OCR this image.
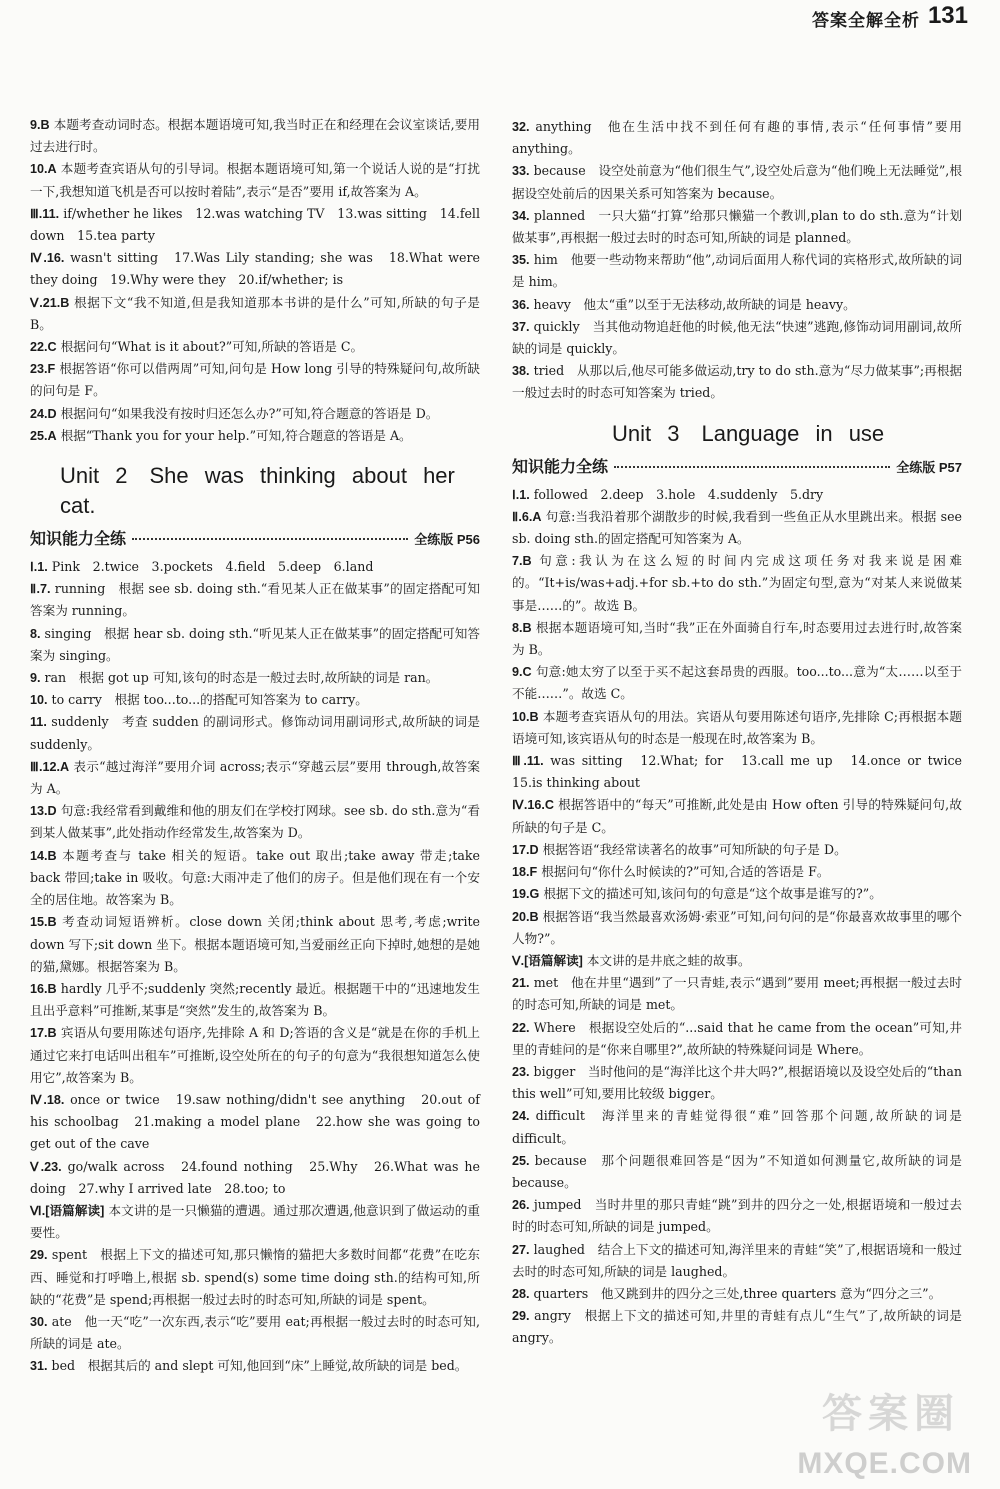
答案全解全析 131

9.B 本题考查动词时态。根据本题语境可知,我当时正在和经理在会议室谈话,要用过去进行时。

10.A 本题考查宾语从句的引导词。根据本题语境可知,第一个说话人说的是“打扰一下,我想知道飞机是否可以按时着陆”,表示“是否”要用 if,故答案为 A。

Ⅲ.11. if/whether he likes　12.was watching TV　13.was sitting　14.fell down　15.tea party

Ⅳ.16. wasn't sitting　17.Was Lily standing; she was　18.What were they doing　19.Why were they　20.if/whether; is

Ⅴ.21.B 根据下文“我不知道,但是我知道那本书讲的是什么”可知,所缺的句子是 B。

22.C 根据问句“What is it about?”可知,所缺的答语是 C。

23.F 根据答语“你可以借两周”可知,问句是 How long 引导的特殊疑问句,故所缺的问句是 F。

24.D 根据问句“如果我没有按时归还怎么办?”可知,符合题意的答语是 D。

25.A 根据“Thank you for your help.”可知,符合题意的答语是 A。

Unit 2　She was thinking about her cat.
知识能力全练	全练版 P56

Ⅰ.1. Pink　2.twice　3.pockets　4.field　5.deep　6.land

Ⅱ.7. running　根据 see sb. doing sth.“看见某人正在做某事”的固定搭配可知答案为 running。

8. singing　根据 hear sb. doing sth.“听见某人正在做某事”的固定搭配可知答案为 singing。

9. ran　根据 got up 可知,该句的时态是一般过去时,故所缺的词是 ran。

10. to carry　根据 too...to...的搭配可知答案为 to carry。

11. suddenly　考查 sudden 的副词形式。修饰动词用副词形式,故所缺的词是 suddenly。

Ⅲ.12.A 表示“越过海洋”要用介词 across;表示“穿越云层”要用 through,故答案为 A。

13.D 句意:我经常看到戴维和他的朋友们在学校打网球。see sb. do sth.意为“看到某人做某事”,此处指动作经常发生,故答案为 D。

14.B 本题考查与 take 相关的短语。take out 取出;take away 带走;take back 带回;take in 吸收。句意:大雨冲走了他们的房子。但是他们现在有一个安全的居住地。故答案为 B。

15.B 考查动词短语辨析。close down 关闭;think about 思考,考虑;write down 写下;sit down 坐下。根据本题语境可知,当爱丽丝正向下掉时,她想的是她的猫,黛娜。根据答案为 B。

16.B hardly 几乎不;suddenly 突然;recently 最近。根据题干中的“迅速地发生且出乎意料”可推断,某事是“突然”发生的,故答案为 B。

17.B 宾语从句要用陈述句语序,先排除 A 和 D;答语的含义是“就是在你的手机上通过它来打电话叫出租车”可推断,设空处所在的句子的句意为“我很想知道怎么使用它”,故答案为 B。

Ⅳ.18. once or twice　19.saw nothing/didn't see anything　20.out of his schoolbag　21.making a model plane　22.how she was going to get out of the cave

Ⅴ.23. go/walk across　24.found nothing　25.Why　26.What was he doing　27.why I arrived late　28.too; to

Ⅵ.[语篇解读] 本文讲的是一只懒猫的遭遇。通过那次遭遇,他意识到了做运动的重要性。

29. spent　根据上下文的描述可知,那只懒惰的猫把大多数时间都“花费”在吃东西、睡觉和打呼噜上,根据 sb. spend(s) some time doing sth.的结构可知,所缺的“花费”是 spend;再根据一般过去时的时态可知,所缺的词是 spent。

30. ate　他一天“吃”一次东西,表示“吃”要用 eat;再根据一般过去时的时态可知,所缺的词是 ate。

31. bed　根据其后的 and slept 可知,他回到“床”上睡觉,故所缺的词是 bed。

32. anything　他在生活中找不到任何有趣的事情,表示“任何事情”要用 anything。

33. because　设空处前意为“他们很生气”,设空处后意为“他们晚上无法睡觉”,根据设空处前后的因果关系可知答案为 because。

34. planned　一只大猫“打算”给那只懒猫一个教训,plan to do sth.意为“计划做某事”,再根据一般过去时的时态可知,所缺的词是 planned。

35. him　他要一些动物来帮助“他”,动词后面用人称代词的宾格形式,故所缺的词是 him。

36. heavy　他太“重”以至于无法移动,故所缺的词是 heavy。

37. quickly　当其他动物追赶他的时候,他无法“快速”逃跑,修饰动词用副词,故所缺的词是 quickly。

38. tried　从那以后,他尽可能多做运动,try to do sth.意为“尽力做某事”;再根据一般过去时的时态可知答案为 tried。

Unit 3　Language in use
知识能力全练	全练版 P57

Ⅰ.1. followed　2.deep　3.hole　4.suddenly　5.dry

Ⅱ.6.A 句意:当我沿着那个湖散步的时候,我看到一些鱼正从水里跳出来。根据 see sb. doing sth.的固定搭配可知答案为 A。

7.B 句意:我认为在这么短的时间内完成这项任务对我来说是困难的。“It+is/was+adj.+for sb.+to do sth.”为固定句型,意为“对某人来说做某事是……的”。故选 B。

8.B 根据本题语境可知,当时“我”正在外面骑自行车,时态要用过去进行时,故答案为 B。

9.C 句意:她太穷了以至于买不起这套昂贵的西服。too...to...意为“太……以至于不能……”。故选 C。

10.B 本题考查宾语从句的用法。宾语从句要用陈述句语序,先排除 C;再根据本题语境可知,该宾语从句的时态是一般现在时,故答案为 B。

Ⅲ.11. was sitting　12.What; for　13.call me up　14.once or twice　15.is thinking about

Ⅳ.16.C 根据答语中的“每天”可推断,此处是由 How often 引导的特殊疑问句,故所缺的句子是 C。

17.D 根据答语“我经常读著名的故事”可知所缺的句子是 D。

18.F 根据问句“你什么时候读的?”可知,合适的答语是 F。

19.G 根据下文的描述可知,该问句的句意是“这个故事是谁写的?”。

20.B 根据答语“我当然最喜欢汤姆·索亚”可知,问句问的是“你最喜欢故事里的哪个人物?”。

Ⅴ.[语篇解读] 本文讲的是井底之蛙的故事。

21. met　他在井里“遇到”了一只青蛙,表示“遇到”要用 meet;再根据一般过去时的时态可知,所缺的词是 met。

22. Where　根据设空处后的“...said that he came from the ocean”可知,井里的青蛙问的是“你来自哪里?”,故所缺的特殊疑问词是 Where。

23. bigger　当时他问的是“海洋比这个井大吗?”,根据语境以及设空处后的“than this well”可知,要用比较级 bigger。

24. difficult　海洋里来的青蛙觉得很“难”回答那个问题,故所缺的词是 difficult。

25. because　那个问题很难回答是“因为”不知道如何测量它,故所缺的词是 because。

26. jumped　当时井里的那只青蛙“跳”到井的四分之一处,根据语境和一般过去时的时态可知,所缺的词是 jumped。

27. laughed　结合上下文的描述可知,海洋里来的青蛙“笑”了,根据语境和一般过去时的时态可知,所缺的词是 laughed。

28. quarters　他又跳到井的四分之三处,three quarters 意为“四分之三”。

29. angry　根据上下文的描述可知,井里的青蛙有点儿“生气”了,故所缺的词是 angry。

答案圈
MXQE.COM
